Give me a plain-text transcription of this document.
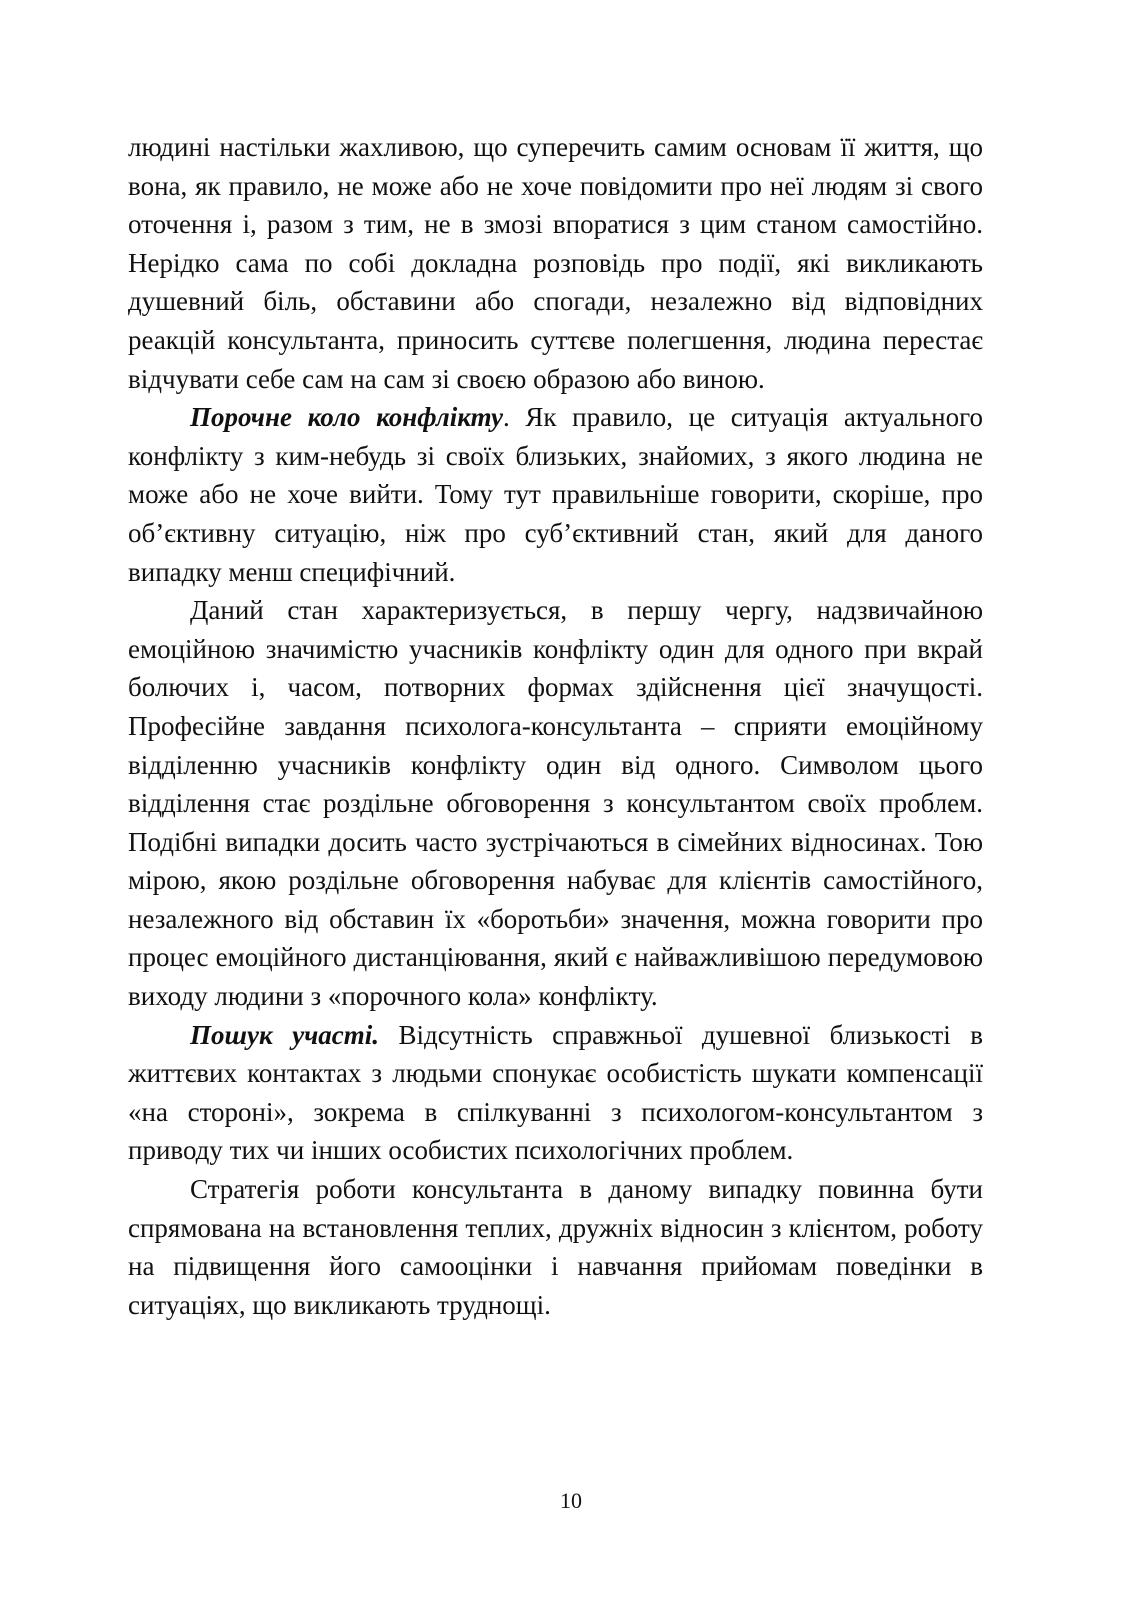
людині настільки жахливою, що суперечить самим основам її життя, що вона, як правило, не може або не хоче повідомити про неї людям зі свого оточення і, разом з тим, не в змозі впоратися з цим станом самостійно. Нерідко сама по собі докладна розповідь про події, які викликають душевний біль, обставини або спогади, незалежно від відповідних реакцій консультанта, приносить суттєве полегшення, людина перестає відчувати себе сам на сам зі своєю образою або виною.

Порочне коло конфлікту. Як правило, це ситуація актуального конфлікту з ким-небудь зі своїх близьких, знайомих, з якого людина не може або не хоче вийти. Тому тут правильніше говорити, скоріше, про об’єктивну ситуацію, ніж про суб’єктивний стан, який для даного випадку менш специфічний.

Даний стан характеризується, в першу чергу, надзвичайною емоційною значимістю учасників конфлікту один для одного при вкрай болючих і, часом, потворних формах здійснення цієї значущості. Професійне завдання психолога-консультанта – сприяти емоційному відділенню учасників конфлікту один від одного. Символом цього відділення стає роздільне обговорення з консультантом своїх проблем. Подібні випадки досить часто зустрічаються в сімейних відносинах. Тою мірою, якою роздільне обговорення набуває для клієнтів самостійного, незалежного від обставин їх «боротьби» значення, можна говорити про процес емоційного дистанціювання, який є найважливішою передумовою виходу людини з «порочного кола» конфлікту.

Пошук участі. Відсутність справжньої душевної близькості в життєвих контактах з людьми спонукає особистість шукати компенсації «на стороні», зокрема в спілкуванні з психологом-консультантом з приводу тих чи інших особистих психологічних проблем.

Стратегія роботи консультанта в даному випадку повинна бути спрямована на встановлення теплих, дружніх відносин з клієнтом, роботу на підвищення його самооцінки і навчання прийомам поведінки в ситуаціях, що викликають труднощі.

10
